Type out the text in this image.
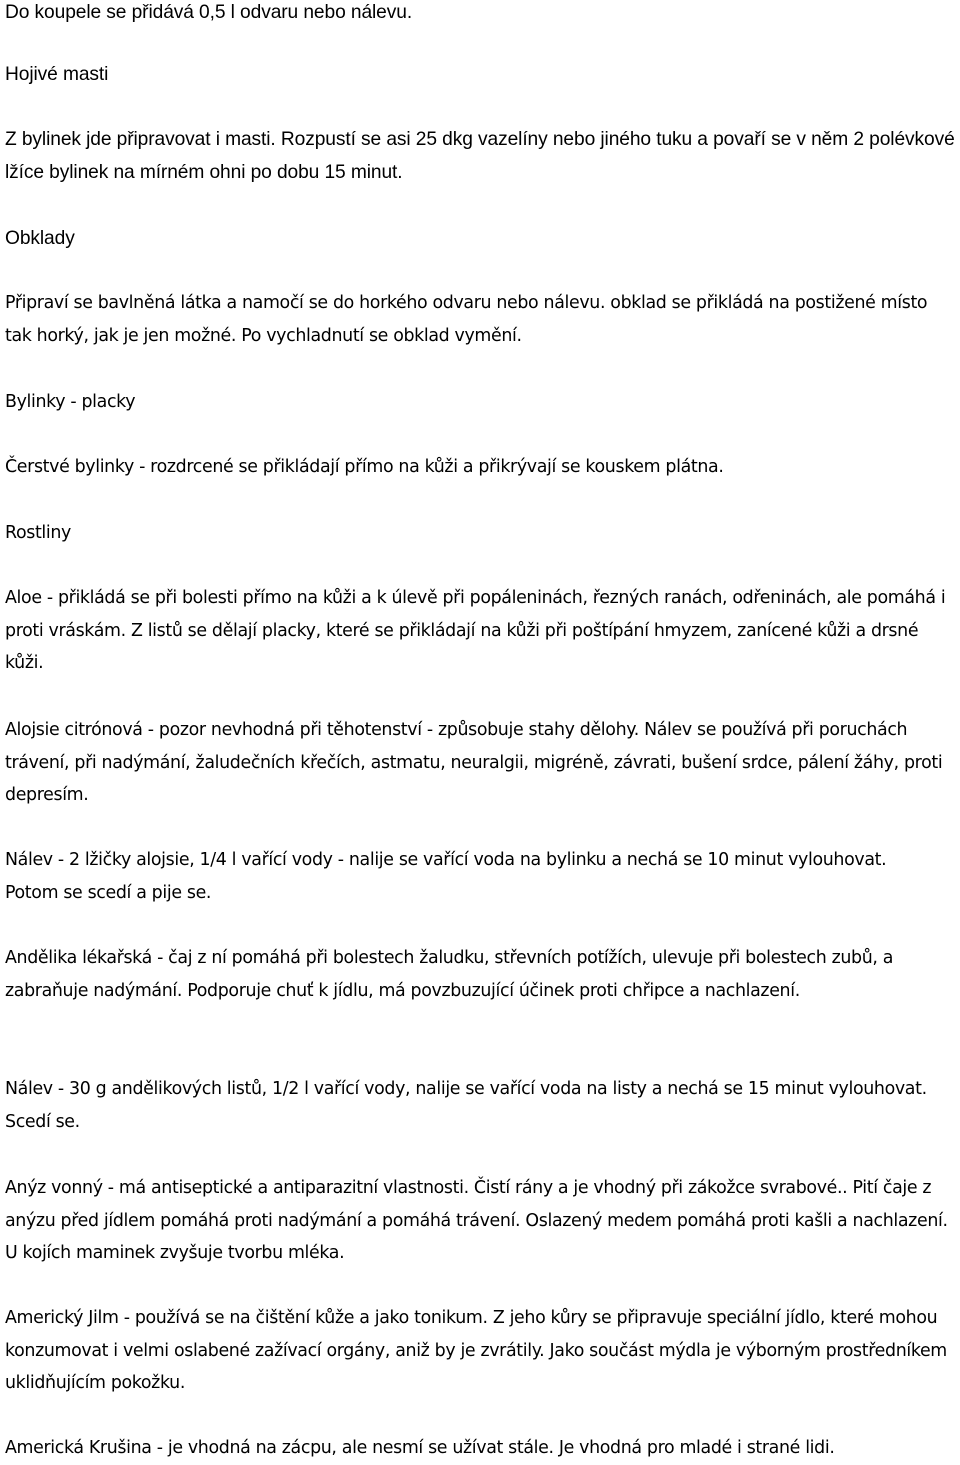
Do koupele se přidává 0,5 l odvaru nebo nálevu.

Hojivé masti

Z bylinek jde připravovat i masti. Rozpustí se asi 25 dkg vazelíny nebo jiného tuku a povaří se v něm 2 polévkové lžíce bylinek na mírném ohni po dobu 15 minut.

Obklady

Připraví se bavlněná látka a namočí se do horkého odvaru nebo nálevu. obklad se přikládá na postižené místo tak horký, jak je jen možné. Po vychladnutí se obklad vymění.

Bylinky - placky

Čerstvé bylinky - rozdrcené se přikládají přímo na kůži a přikrývají se kouskem plátna.

Rostliny

Aloe - přikládá se při bolesti přímo na kůži a k úlevě při popáleninách, řezných ranách, odřeninách, ale pomáhá i proti vráskám. Z listů se dělají placky, které se přikládají na kůži při poštípání hmyzem, zanícené kůži a drsné kůži.

Alojsie citrónová - pozor nevhodná při těhotenství - způsobuje stahy dělohy. Nálev se používá při poruchách trávení, při nadýmání, žaludečních křečích, astmatu, neuralgii, migréně, závrati, bušení srdce, pálení žáhy, proti depresím.

Nálev - 2 lžičky alojsie, 1/4 l vařící vody - nalije se vařící voda na bylinku a nechá se 10 minut vylouhovat. Potom se scedí a pije se.

Andělika lékařská - čaj z ní pomáhá při bolestech žaludku, střevních potížích, ulevuje při bolestech zubů, a zabraňuje nadýmání. Podporuje chuť k jídlu, má povzbuzující účinek proti chřipce a nachlazení.

Nálev - 30 g andělikových listů, 1/2 l vařící vody, nalije se vařící voda na listy a nechá se 15 minut vylouhovat. Scedí se.

Anýz vonný - má antiseptické a antiparazitní vlastnosti. Čistí rány a je vhodný při zákožce svrabové.. Pití čaje z anýzu před jídlem pomáhá proti nadýmání a pomáhá trávení. Oslazený medem pomáhá proti kašli a nachlazení. U kojích maminek zvyšuje tvorbu mléka.

Americký Jilm - používá se na čištění kůže a jako tonikum. Z jeho kůry se připravuje speciální jídlo, které mohou konzumovat i velmi oslabené zažívací orgány, aniž by je zvrátily. Jako součást mýdla je výborným prostředníkem uklidňujícím pokožku.

Americká Krušina - je vhodná na zácpu, ale nesmí se užívat stále. Je vhodná pro mladé i strané lidi.
